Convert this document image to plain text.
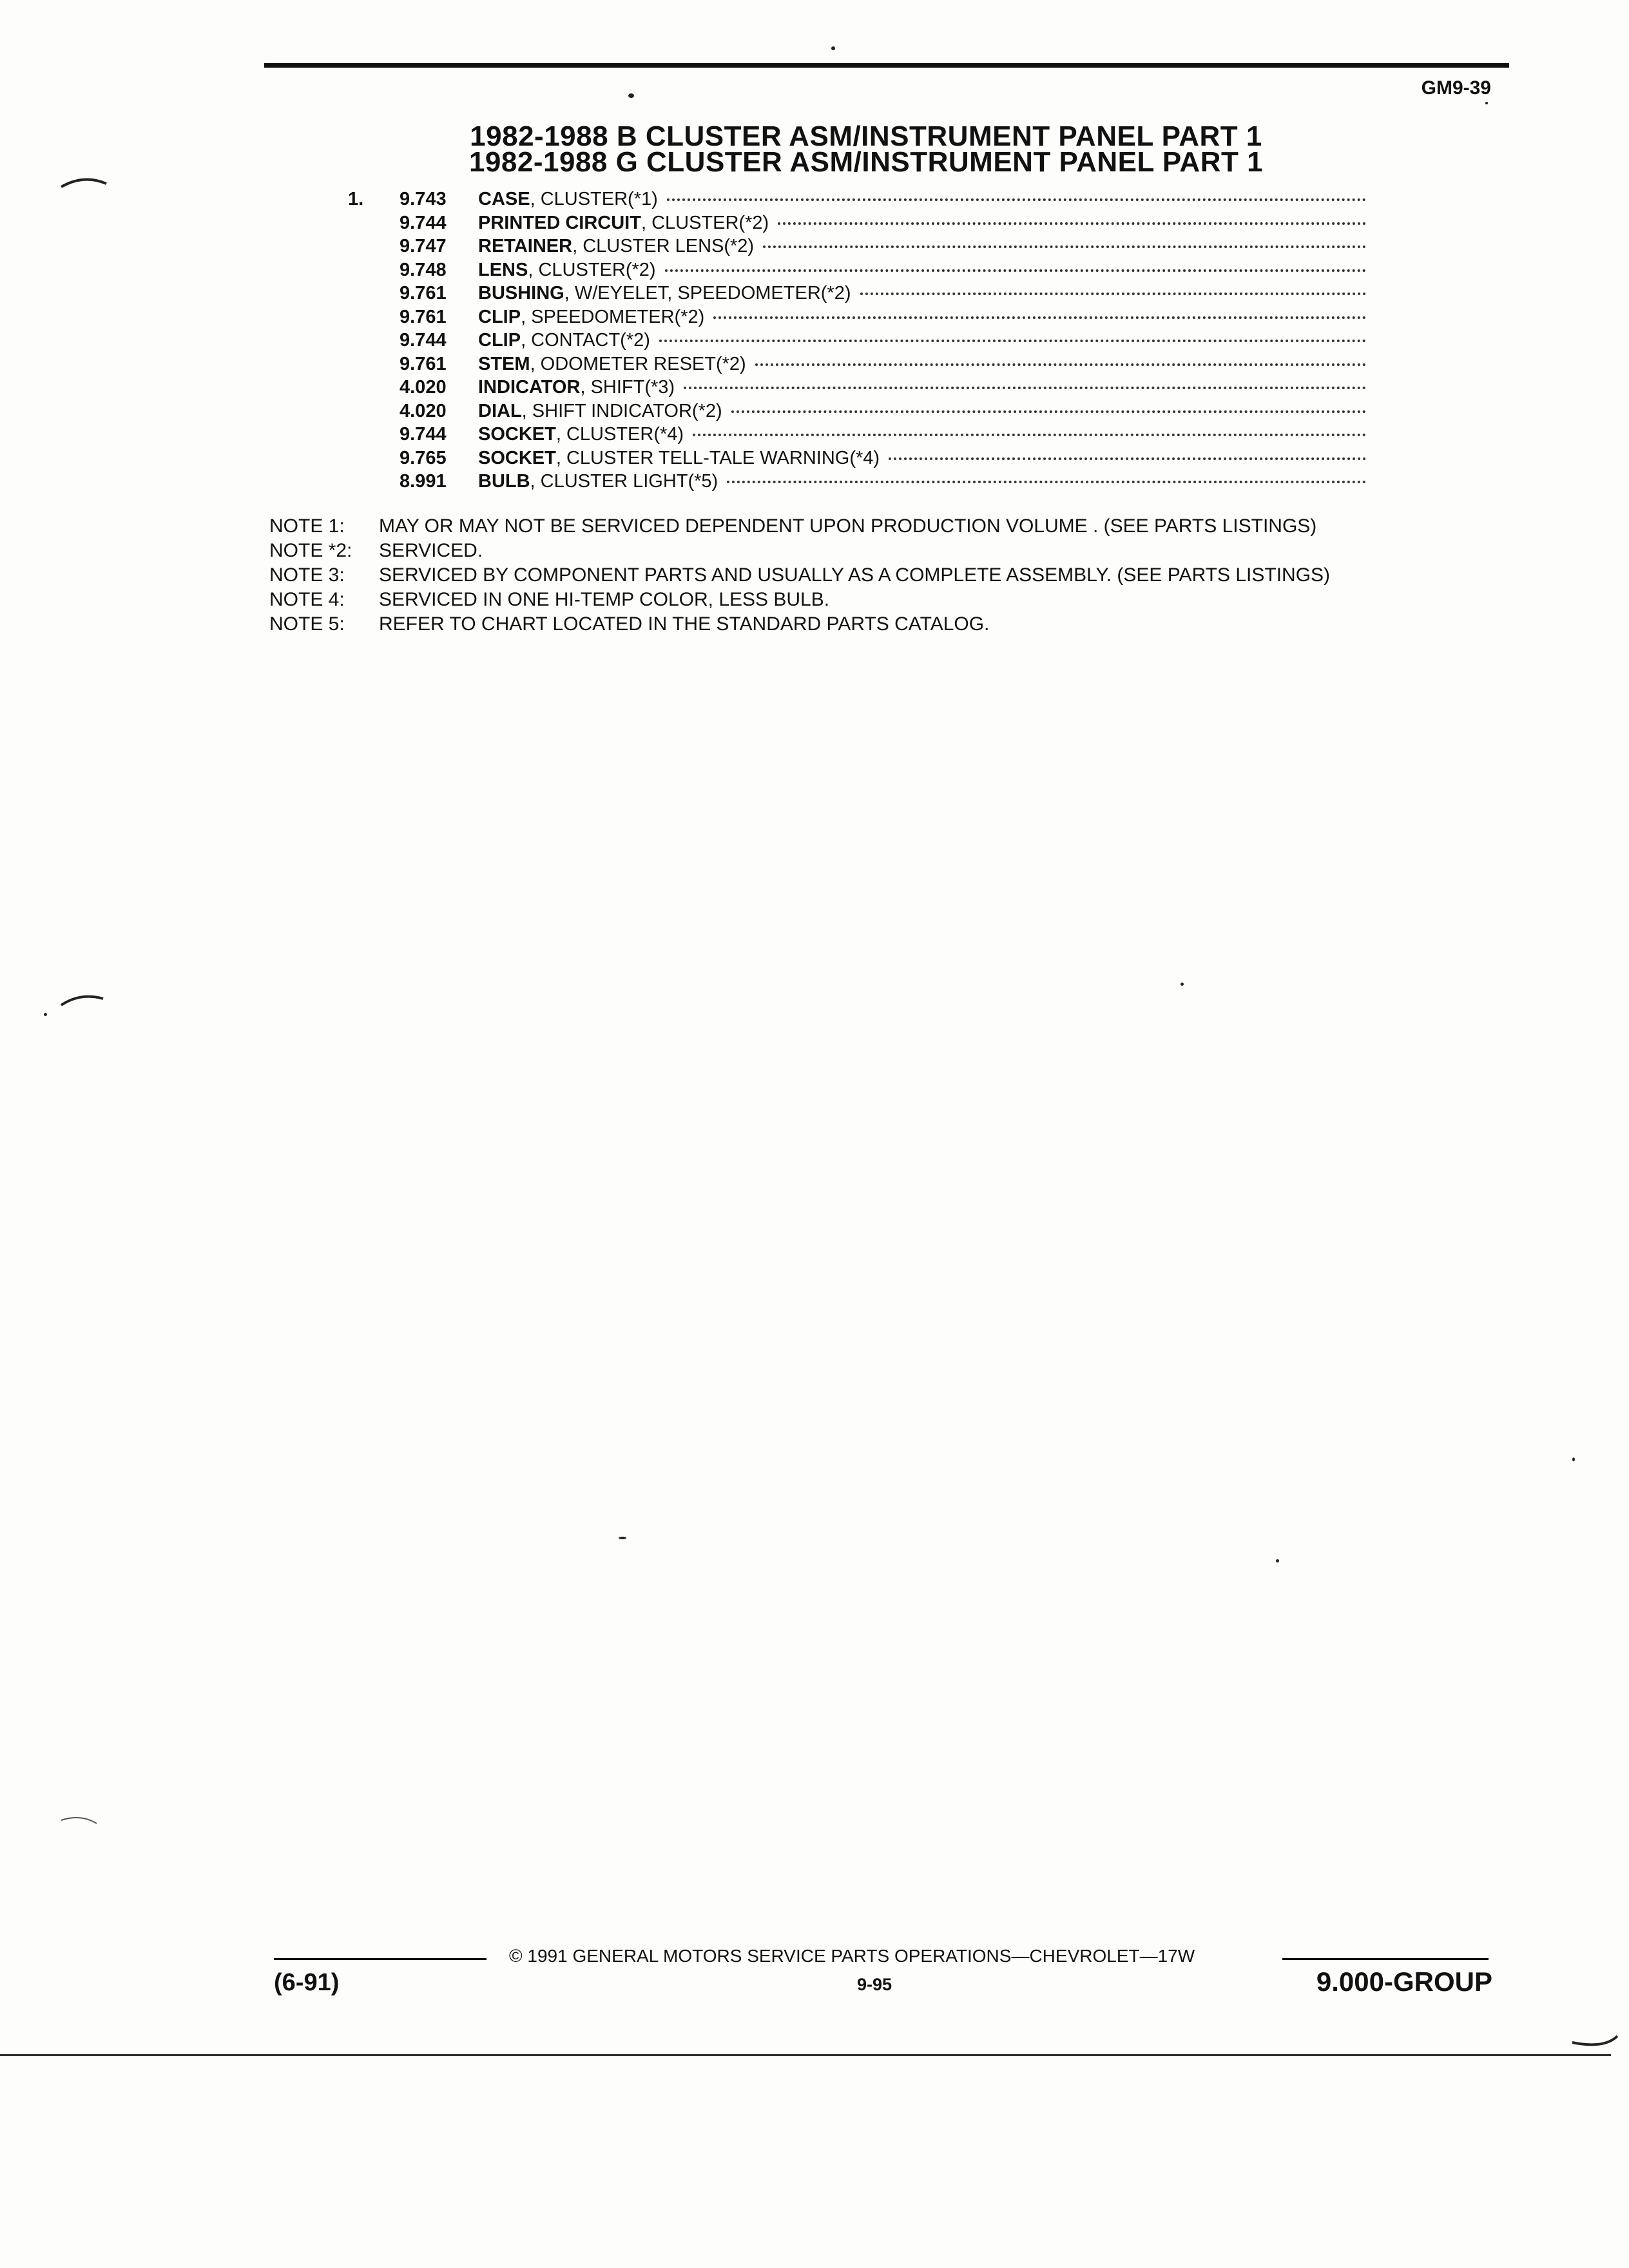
GM9-39
1982-1988 B CLUSTER ASM/INSTRUMENT PANEL PART 1
1982-1988 G CLUSTER ASM/INSTRUMENT PANEL PART 1
1.	9.743	CASE , CLUSTER(*1)
9.744	PRINTED CIRCUIT , CLUSTER(*2)
9.747	RETAINER , CLUSTER LENS(*2)
9.748	LENS , CLUSTER(*2)
9.761	BUSHING , W/EYELET, SPEEDOMETER(*2)
9.761	CLIP , SPEEDOMETER(*2)
9.744	CLIP , CONTACT(*2)
9.761	STEM , ODOMETER RESET(*2)
4.020	INDICATOR , SHIFT(*3)
4.020	DIAL , SHIFT INDICATOR(*2)
9.744	SOCKET , CLUSTER(*4)
9.765	SOCKET , CLUSTER TELL-TALE WARNING(*4)
8.991	BULB , CLUSTER LIGHT(*5)
NOTE 1:	MAY OR MAY NOT BE SERVICED DEPENDENT UPON PRODUCTION VOLUME . (SEE PARTS LISTINGS)
NOTE *2:	SERVICED.
NOTE 3:	SERVICED BY COMPONENT PARTS AND USUALLY AS A COMPLETE ASSEMBLY. (SEE PARTS LISTINGS)
NOTE 4:	SERVICED IN ONE HI-TEMP COLOR, LESS BULB.
NOTE 5:	REFER TO CHART LOCATED IN THE STANDARD PARTS CATALOG.
© 1991 GENERAL MOTORS SERVICE PARTS OPERATIONS—CHEVROLET—17W
(6-91)	9-95	9.000-GROUP
